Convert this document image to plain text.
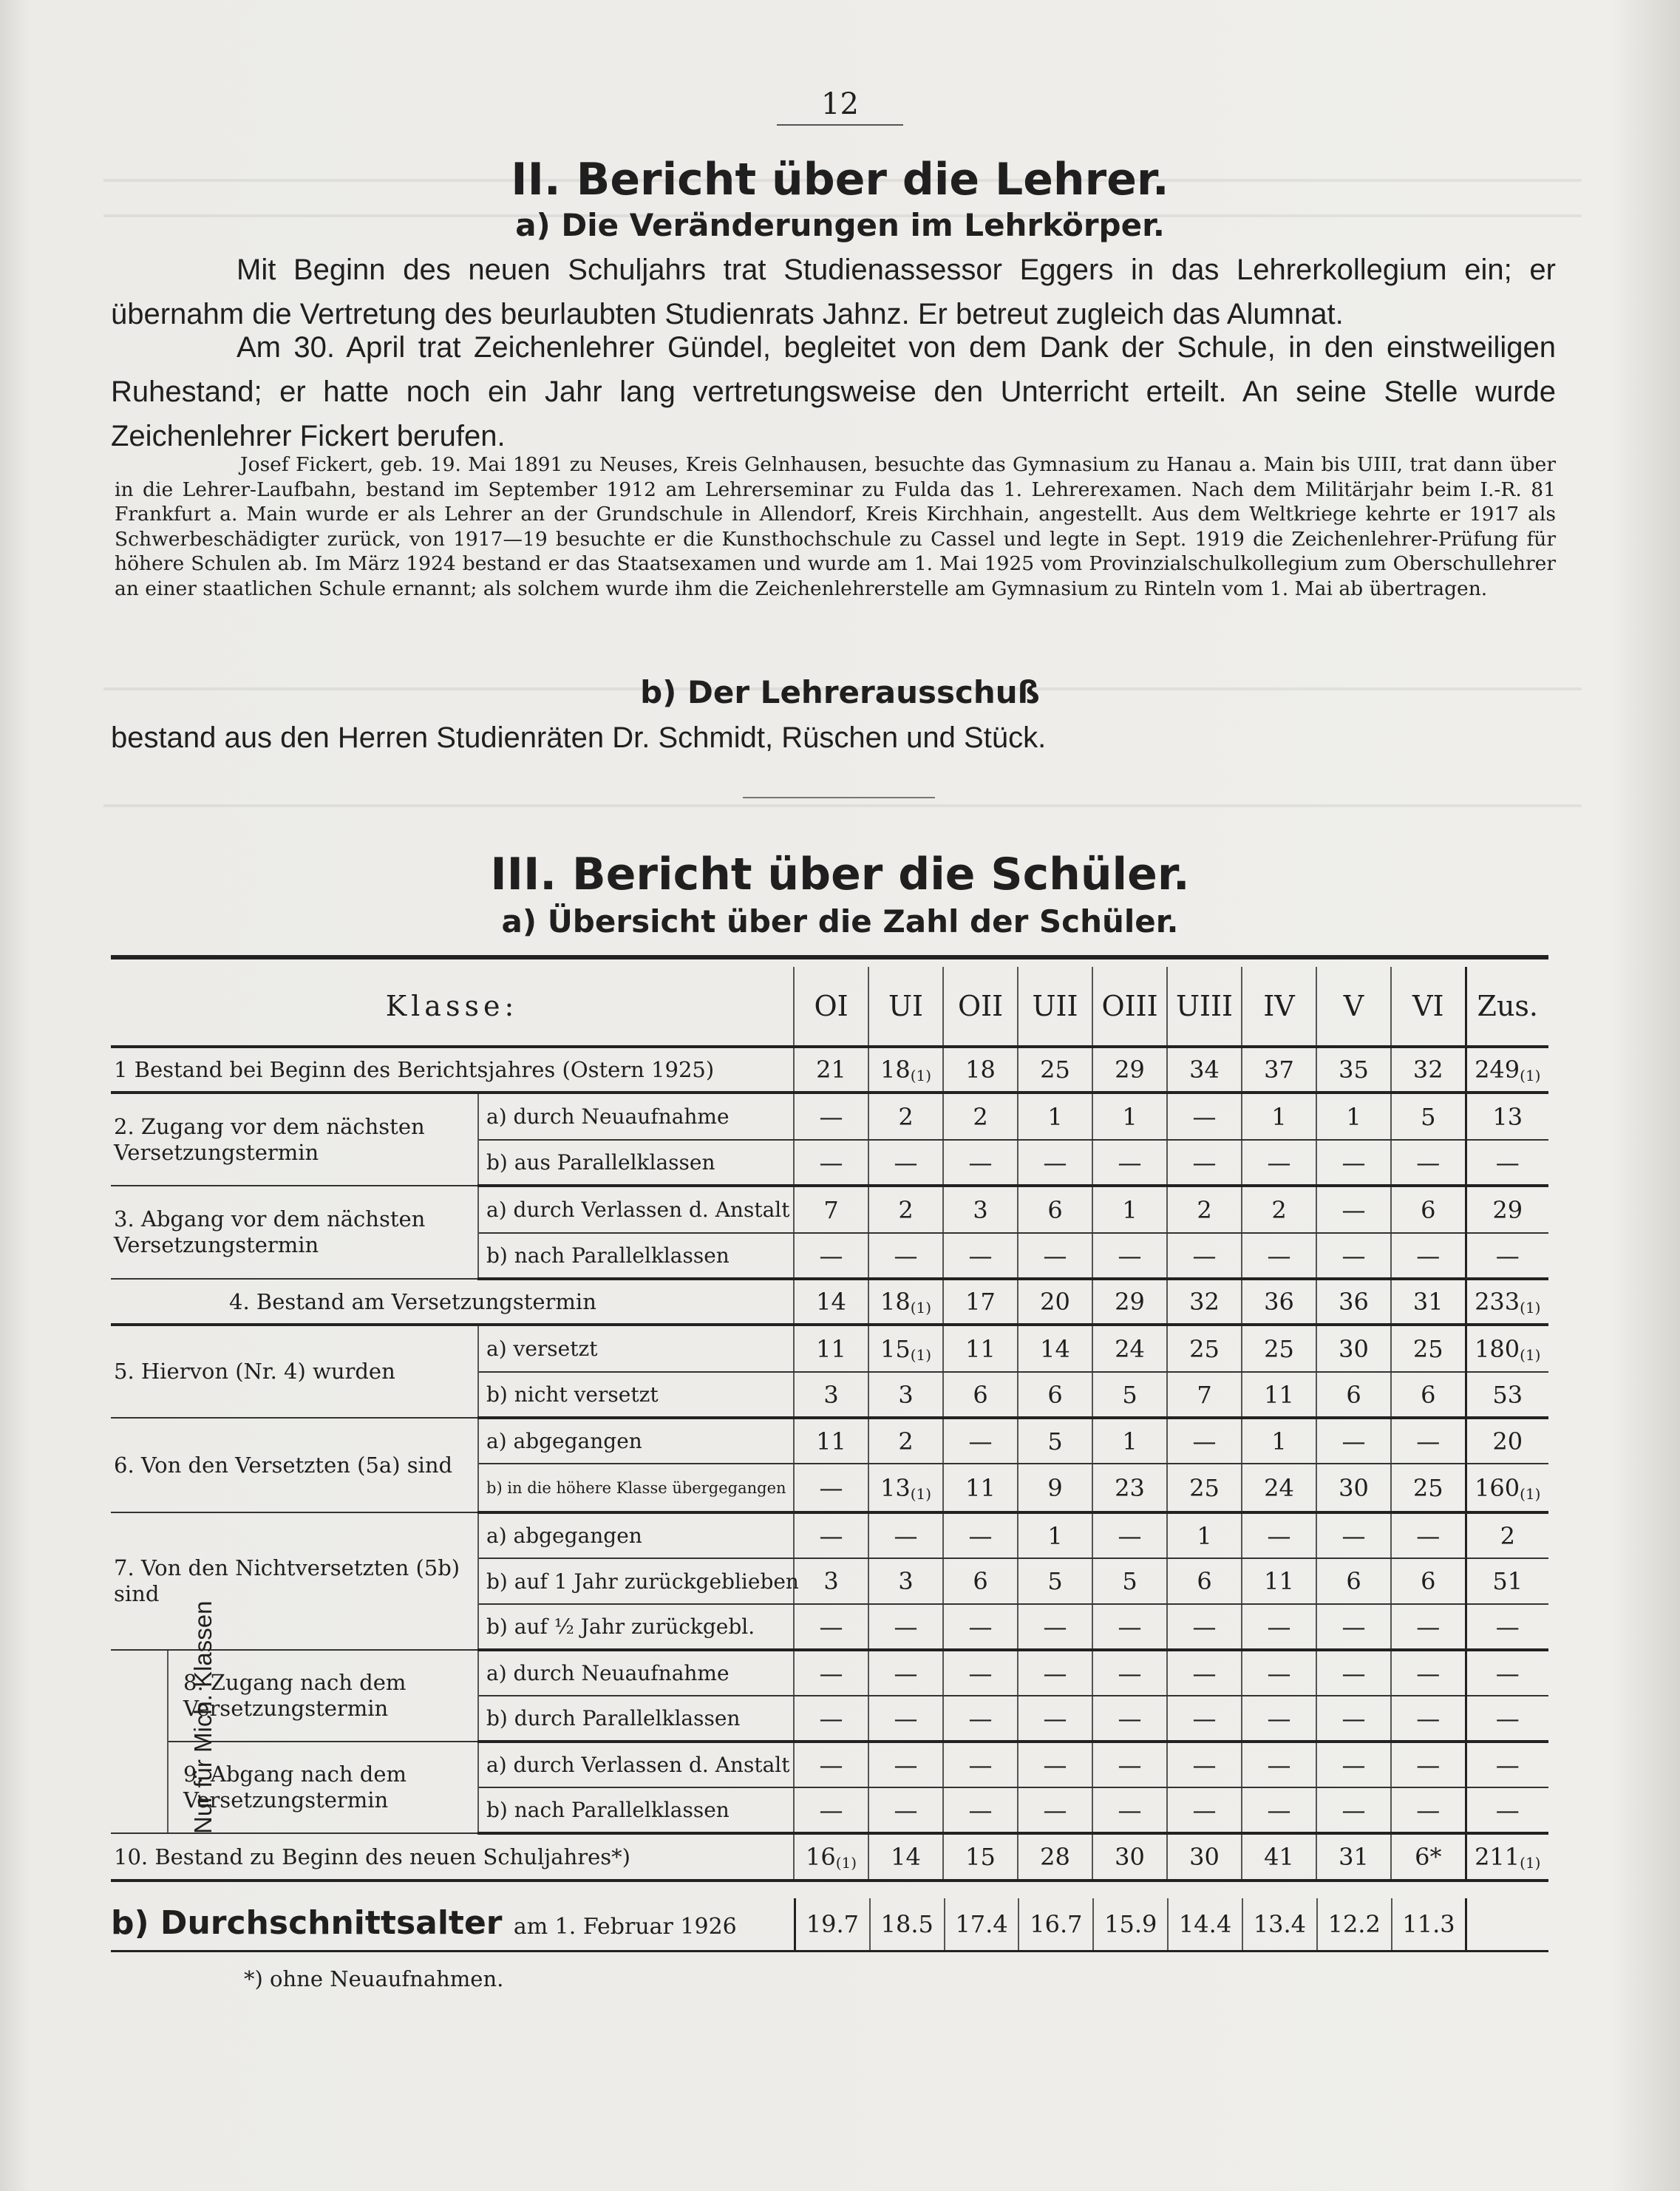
12
II. Bericht über die Lehrer.
a) Die Veränderungen im Lehrkörper.

Mit Beginn des neuen Schuljahrs trat Studienassessor Eggers in das Lehrerkollegium ein; er übernahm die Vertretung des beurlaubten Studienrats Jahnz. Er betreut zugleich das Alumnat.

Am 30. April trat Zeichenlehrer Gündel, begleitet von dem Dank der Schule, in den einstweiligen Ruhestand; er hatte noch ein Jahr lang vertretungsweise den Unterricht erteilt. An seine Stelle wurde Zeichenlehrer Fickert berufen.

Josef Fickert, geb. 19. Mai 1891 zu Neuses, Kreis Gelnhausen, besuchte das Gymnasium zu Hanau a. Main bis UIII, trat dann über in die Lehrer-Laufbahn, bestand im September 1912 am Lehrerseminar zu Fulda das 1. Lehrerexamen. Nach dem Militärjahr beim I.-R. 81 Frankfurt a. Main wurde er als Lehrer an der Grundschule in Allendorf, Kreis Kirchhain, angestellt. Aus dem Weltkriege kehrte er 1917 als Schwerbeschädigter zurück, von 1917—19 besuchte er die Kunsthochschule zu Cassel und legte in Sept. 1919 die Zeichenlehrer-Prüfung für höhere Schulen ab. Im März 1924 bestand er das Staatsexamen und wurde am 1. Mai 1925 vom Provinzialschulkollegium zum Oberschullehrer an einer staatlichen Schule ernannt; als solchem wurde ihm die Zeichenlehrerstelle am Gymnasium zu Rinteln vom 1. Mai ab übertragen.

b) Der Lehrerausschuß

bestand aus den Herren Studienräten Dr. Schmidt, Rüschen und Stück.

III. Bericht über die Schüler.
a) Übersicht über die Zahl der Schüler.
Klasse:			OI	UI	OII	UII	OIII	UIII	IV	V	VI	Zus.
1 Bestand bei Beginn des Berichtsjahres (Ostern 1925)			21	$18_{(1)}$	18	25	29	34	37	35	32	$249_{(1)}$
2. Zugang vor dem nächsten Versetzungstermin		a) durch Neuaufnahme	—	2	2	1	1	—	1	1	5	13
		b) aus Parallelklassen	—	—	—	—	—	—	—	—	—	—
3. Abgang vor dem nächsten Versetzungstermin		a) durch Verlassen d. Anstalt	7	2	3	6	1	2	2	—	6	29
		b) nach Parallelklassen	—	—	—	—	—	—	—	—	—	—
4. Bestand am Versetzungstermin			14	$18_{(1)}$	17	20	29	32	36	36	31	$233_{(1)}$
5. Hiervon (Nr. 4) wurden		a) versetzt	11	$15_{(1)}$	11	14	24	25	25	30	25	$180_{(1)}$
		b) nicht versetzt	3	3	6	6	5	7	11	6	6	53
6. Von den Versetzten (5a) sind		a) abgegangen	11	2	—	5	1	—	1	—	—	20
		b) in die höhere Klasse übergegangen	—	$13_{(1)}$	11	9	23	25	24	30	25	$160_{(1)}$
7. Von den Nichtversetzten (5b) sind		a) abgegangen	—	—	—	1	—	1	—	—	—	2
		b) auf 1 Jahr zurückgeblieben	3	3	6	5	5	6	11	6	6	51
		b) auf ½ Jahr zurückgebl.	—	—	—	—	—	—	—	—	—	—
Nur für Mich. Klassen	8. Zugang nach dem Versetzungstermin	a) durch Neuaufnahme	—	—	—	—	—	—	—	—	—	—
		b) durch Parallelklassen	—	—	—	—	—	—	—	—	—	—
	9. Abgang nach dem Versetzungstermin	a) durch Verlassen d. Anstalt	—	—	—	—	—	—	—	—	—	—
		b) nach Parallelklassen	—	—	—	—	—	—	—	—	—	—
10. Bestand zu Beginn des neuen Schuljahres*)			$16_{(1)}$	14	15	28	30	30	41	31	6*	$211_{(1)}$
b) Durchschnittsalter am 1. Februar 1926	19.7 18.5 17.4 16.7 15.9 14.4 13.4 12.2 11.3
*) ohne Neuaufnahmen.
